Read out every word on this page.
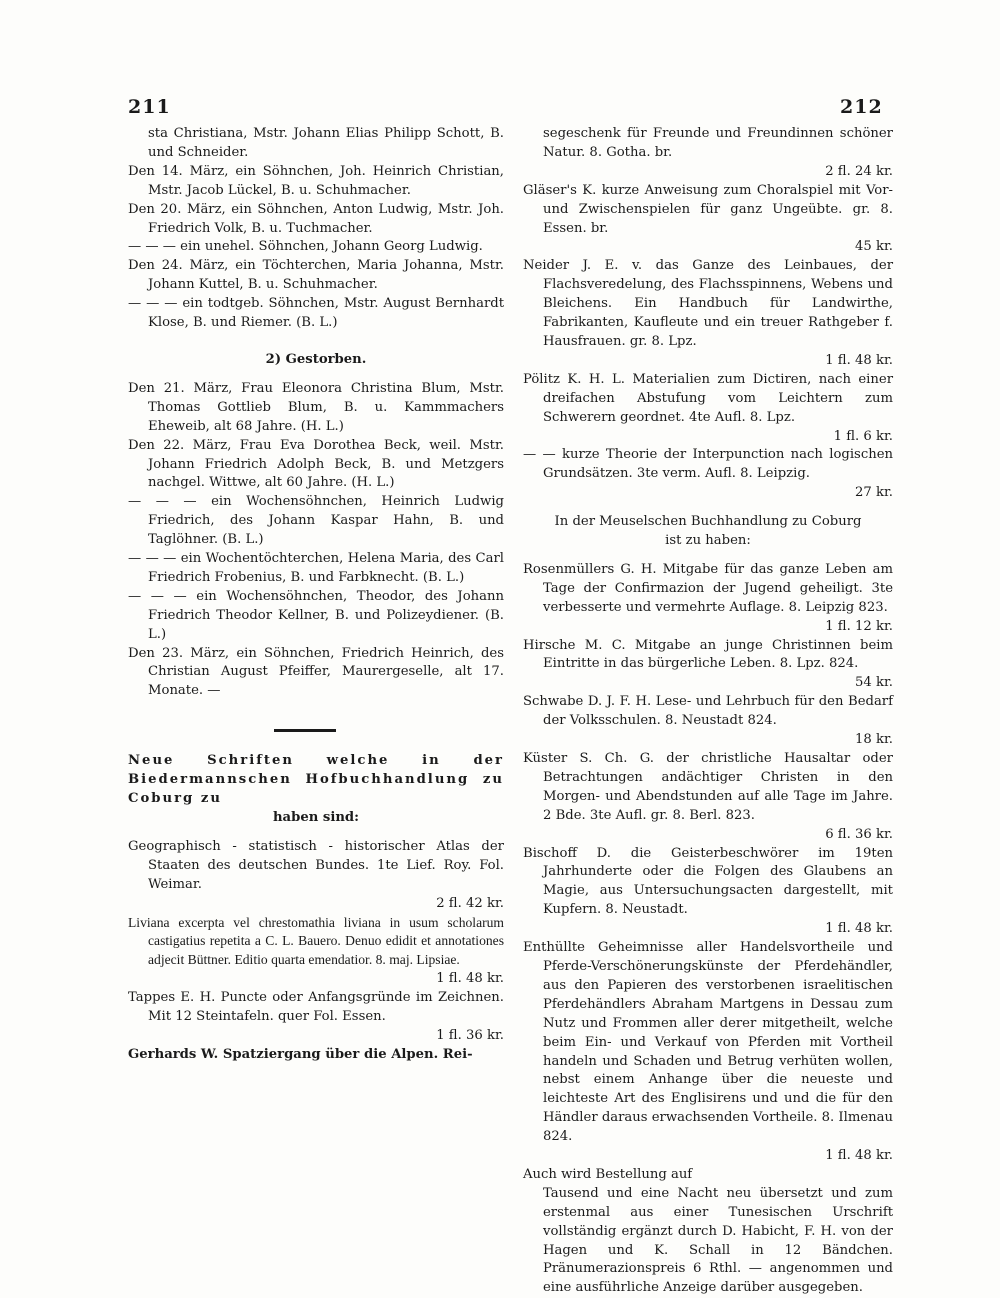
211	212

sta Christiana, Mstr. Johann Elias Philipp Schott, B. und Schneider.

Den 14. März, ein Söhnchen, Joh. Heinrich Christian, Mstr. Jacob Lückel, B. u. Schuhmacher.

Den 20. März, ein Söhnchen, Anton Ludwig, Mstr. Joh. Friedrich Volk, B. u. Tuchmacher.

— — — ein unehel. Söhnchen, Johann Georg Ludwig.

Den 24. März, ein Töchterchen, Maria Johanna, Mstr. Johann Kuttel, B. u. Schuhmacher.

— — — ein todtgeb. Söhnchen, Mstr. August Bernhardt Klose, B. und Riemer. (B. L.)

2) Gestorben.

Den 21. März, Frau Eleonora Christina Blum, Mstr. Thomas Gottlieb Blum, B. u. Kammmachers Eheweib, alt 68 Jahre. (H. L.)

Den 22. März, Frau Eva Dorothea Beck, weil. Mstr. Johann Friedrich Adolph Beck, B. und Metzgers nachgel. Wittwe, alt 60 Jahre. (H. L.)

— — — ein Wochensöhnchen, Heinrich Ludwig Friedrich, des Johann Kaspar Hahn, B. und Taglöhner. (B. L.)

— — — ein Wochentöchterchen, Helena Maria, des Carl Friedrich Frobenius, B. und Farbknecht. (B. L.)

— — — ein Wochensöhnchen, Theodor, des Johann Friedrich Theodor Kellner, B. und Polizeydiener. (B. L.)

Den 23. März, ein Söhnchen, Friedrich Heinrich, des Christian August Pfeiffer, Maurergeselle, alt 17. Monate. —

Neue Schriften welche in der Biedermannschen Hofbuchhandlung zu Coburg zu

haben sind:

Geographisch - statistisch - historischer Atlas der Staaten des deutschen Bundes. 1te Lief. Roy. Fol. Weimar.

2 fl. 42 kr.

Liviana excerpta vel chrestomathia liviana in usum scholarum castigatius repetita a C. L. Bauero. Denuo edidit et annotationes adjecit Büttner. Editio quarta emendatior. 8. maj. Lipsiae.

1 fl. 48 kr.

Tappes E. H. Puncte oder Anfangsgründe im Zeichnen. Mit 12 Steintafeln. quer Fol. Essen.

1 fl. 36 kr.

Gerhards W. Spatziergang über die Alpen. Rei-

segeschenk für Freunde und Freundinnen schöner Natur. 8. Gotha. br.

2 fl. 24 kr.

Gläser's K. kurze Anweisung zum Choralspiel mit Vor- und Zwischenspielen für ganz Ungeübte. gr. 8. Essen. br.

45 kr.

Neider J. E. v. das Ganze des Leinbaues, der Flachsveredelung, des Flachsspinnens, Webens und Bleichens. Ein Handbuch für Landwirthe, Fabrikanten, Kaufleute und ein treuer Rathgeber f. Hausfrauen. gr. 8. Lpz.

1 fl. 48 kr.

Pölitz K. H. L. Materialien zum Dictiren, nach einer dreifachen Abstufung vom Leichtern zum Schwerern geordnet. 4te Aufl. 8. Lpz.

1 fl. 6 kr.

— — kurze Theorie der Interpunction nach logischen Grundsätzen. 3te verm. Aufl. 8. Leipzig.

27 kr.

In der Meuselschen Buchhandlung zu Coburg

ist zu haben:

Rosenmüllers G. H. Mitgabe für das ganze Leben am Tage der Confirmazion der Jugend geheiligt. 3te verbesserte und vermehrte Auflage. 8. Leipzig 823.

1 fl. 12 kr.

Hirsche M. C. Mitgabe an junge Christinnen beim Eintritte in das bürgerliche Leben. 8. Lpz. 824.

54 kr.

Schwabe D. J. F. H. Lese- und Lehrbuch für den Bedarf der Volksschulen. 8. Neustadt 824.

18 kr.

Küster S. Ch. G. der christliche Hausaltar oder Betrachtungen andächtiger Christen in den Morgen- und Abendstunden auf alle Tage im Jahre. 2 Bde. 3te Aufl. gr. 8. Berl. 823.

6 fl. 36 kr.

Bischoff D. die Geisterbeschwörer im 19ten Jahrhunderte oder die Folgen des Glaubens an Magie, aus Untersuchungsacten dargestellt, mit Kupfern. 8. Neustadt.

1 fl. 48 kr.

Enthüllte Geheimnisse aller Handelsvortheile und Pferde-Verschönerungskünste der Pferdehändler, aus den Papieren des verstorbenen israelitischen Pferdehändlers Abraham Martgens in Dessau zum Nutz und Frommen aller derer mitgetheilt, welche beim Ein- und Verkauf von Pferden mit Vortheil handeln und Schaden und Betrug verhüten wollen, nebst einem Anhange über die neueste und leichteste Art des Englisirens und und die für den Händler daraus erwachsenden Vortheile. 8. Ilmenau 824.

1 fl. 48 kr.

Auch wird Bestellung auf

Tausend und eine Nacht neu übersetzt und zum erstenmal aus einer Tunesischen Urschrift vollständig ergänzt durch D. Habicht, F. H. von der Hagen und K. Schall in 12 Bändchen. Pränumerazionspreis 6 Rthl. — angenommen und eine ausführliche Anzeige darüber ausgegeben.
